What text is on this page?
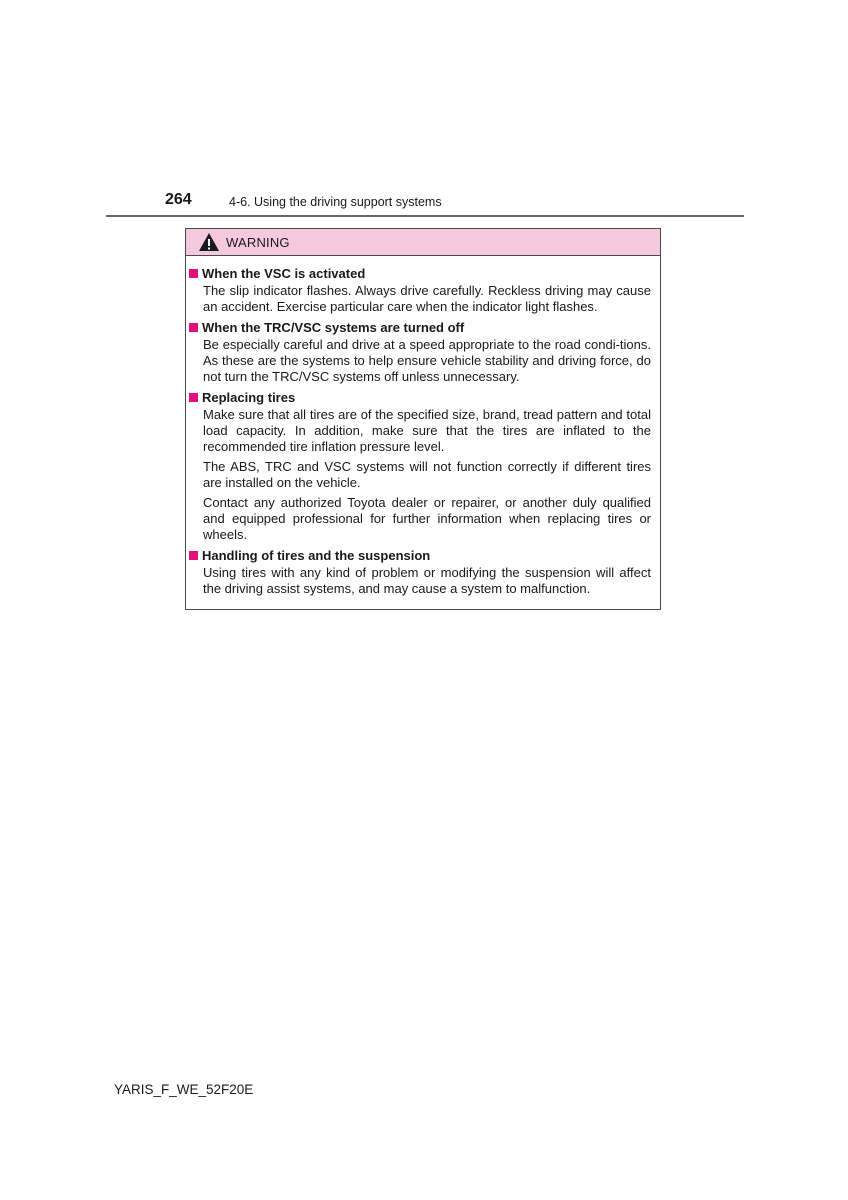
264	4-6. Using the driving support systems
WARNING
When the VSC is activated

The slip indicator flashes. Always drive carefully. Reckless driving may cause an accident. Exercise particular care when the indicator light flashes.

When the TRC/VSC systems are turned off

Be especially careful and drive at a speed appropriate to the road condi-tions. As these are the systems to help ensure vehicle stability and driving force, do not turn the TRC/VSC systems off unless unnecessary.

Replacing tires

Make sure that all tires are of the specified size, brand, tread pattern and total load capacity. In addition, make sure that the tires are inflated to the recommended tire inflation pressure level.

The ABS, TRC and VSC systems will not function correctly if different tires are installed on the vehicle.

Contact any authorized Toyota dealer or repairer, or another duly qualified and equipped professional for further information when replacing tires or wheels.

Handling of tires and the suspension

Using tires with any kind of problem or modifying the suspension will affect the driving assist systems, and may cause a system to malfunction.

YARIS_F_WE_52F20E
